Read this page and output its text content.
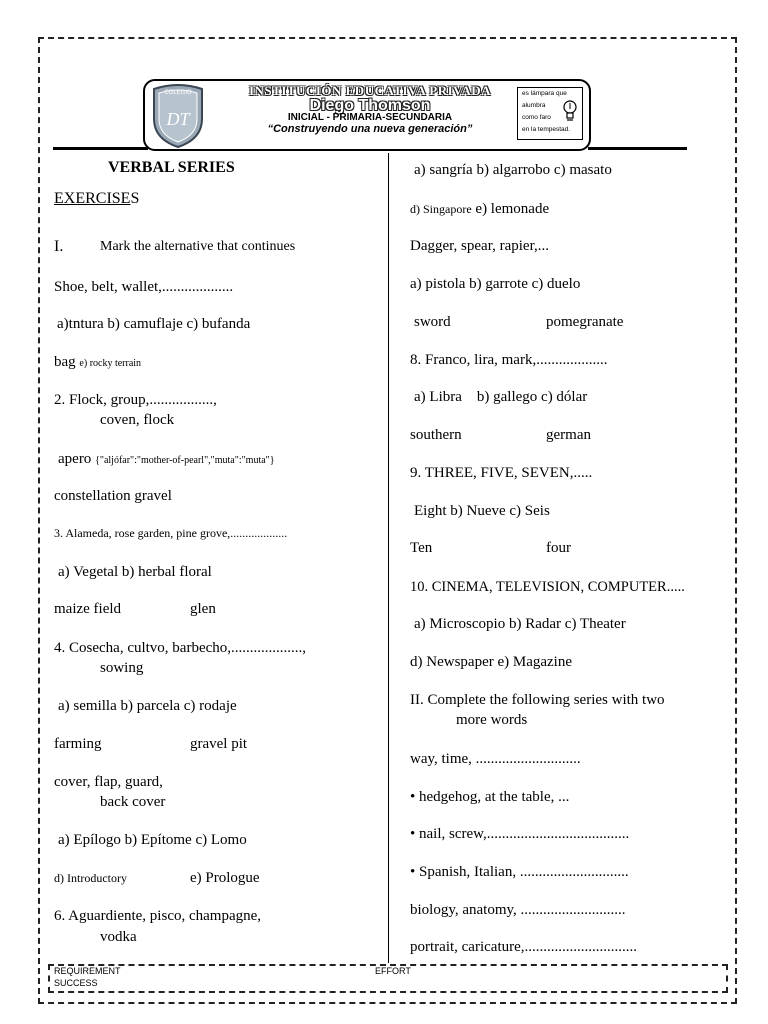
COLEGIO
DT
INSTITUCIÓN EDUCATIVA PRIVADA
Diego Thomson
INICIAL - PRIMARIA-SECUNDARIA
“Construyendo una nueva generación”
es lámpara que
alumbra
como faro
en la tempestad.
VERBAL SERIES
EXERCISES
I.	Mark the alternative that continues
Shoe, belt, wallet,...................
a)tntura b) camuflaje c) bufanda
bag e) rocky terrain
2. Flock, group,.................,
coven, flock
apero {"aljófar":"mother-of-pearl","muta":"muta"}
constellation gravel
3. Alameda, rose garden, pine grove,...................
a) Vegetal b) herbal floral
maize field	glen
4. Cosecha, cultvo, barbecho,...................,
sowing
a) semilla b) parcela c) rodaje
farming	gravel pit
cover, flap, guard,
back cover
a) Epílogo b) Epítome c) Lomo
d) Introductory	e) Prologue
6. Aguardiente, pisco, champagne,
vodka
a) sangría b) algarrobo c) masato
d) Singapore e) lemonade
Dagger, spear, rapier,...
a) pistola b) garrote c) duelo
sword	pomegranate
8. Franco, lira, mark,...................
a) Libra    b) gallego c) dólar
southern	german
9. THREE, FIVE, SEVEN,.....
Eight b) Nueve c) Seis
Ten	four
10. CINEMA, TELEVISION, COMPUTER.....
a) Microscopio b) Radar c) Theater
d) Newspaper e) Magazine
II. Complete the following series with two
more words
way, time, ............................
• hedgehog, at the table, ...
• nail, screw,......................................
• Spanish, Italian, .............................
biology, anatomy, ............................
portrait, caricature,..............................
REQUIREMENT
SUCCESS
EFFORT
